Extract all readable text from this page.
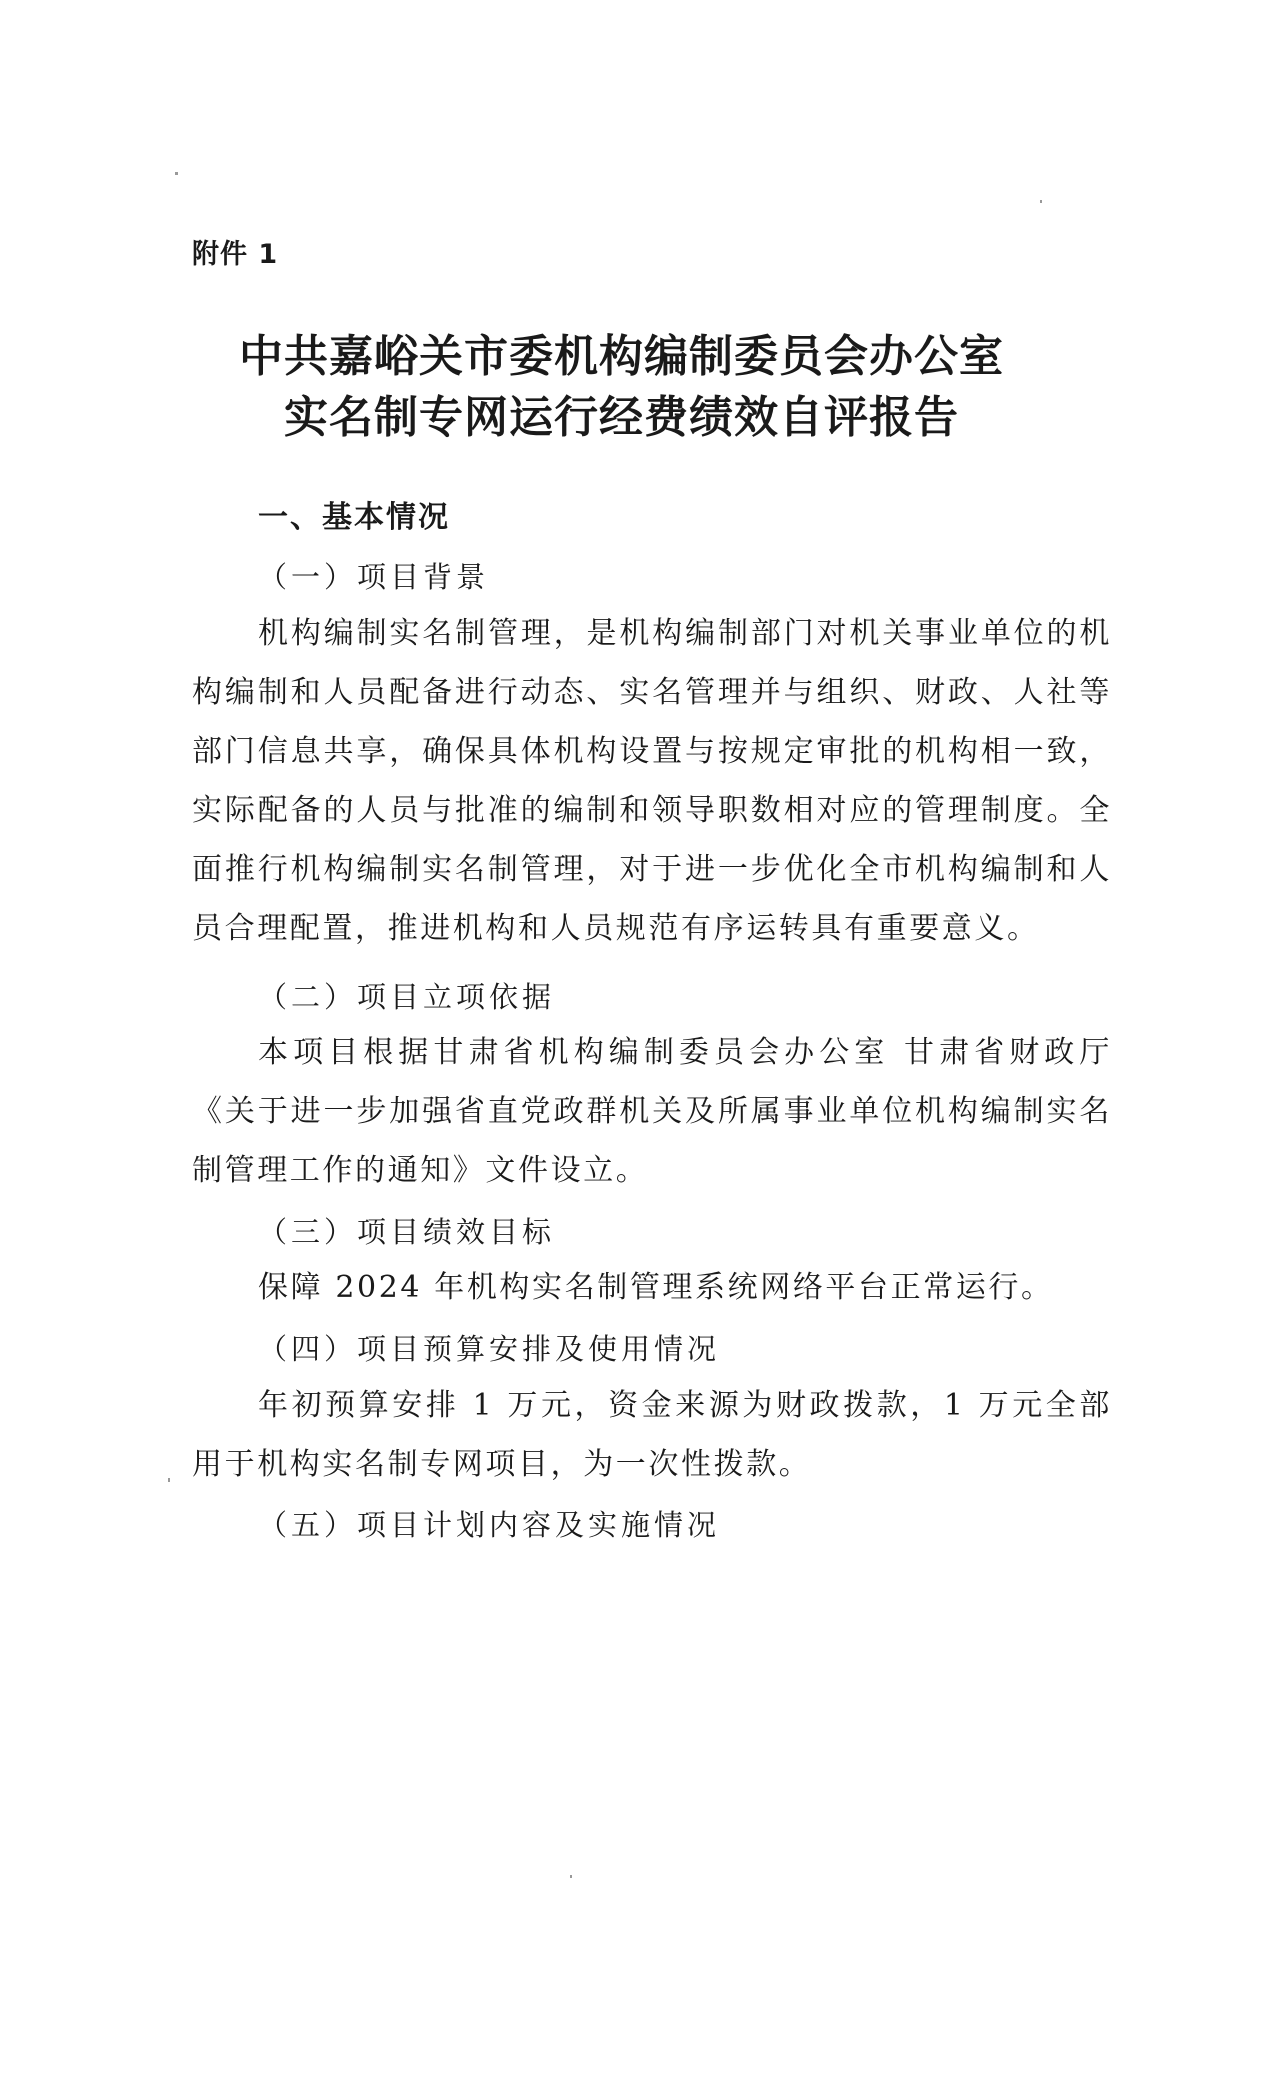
附件 1
中共嘉峪关市委机构编制委员会办公室
实名制专网运行经费绩效自评报告
一、基本情况
（一）项目背景

机构编制实名制管理，是机构编制部门对机关事业单位的机构编制和人员配备进行动态、实名管理并与组织、财政、人社等部门信息共享，确保具体机构设置与按规定审批的机构相一致，实际配备的人员与批准的编制和领导职数相对应的管理制度。全面推行机构编制实名制管理，对于进一步优化全市机构编制和人员合理配置，推进机构和人员规范有序运转具有重要意义。

（二）项目立项依据

本项目根据甘肃省机构编制委员会办公室 甘肃省财政厅《关于进一步加强省直党政群机关及所属事业单位机构编制实名制管理工作的通知》文件设立。

（三）项目绩效目标

保障 2024 年机构实名制管理系统网络平台正常运行。

（四）项目预算安排及使用情况

年初预算安排 1 万元，资金来源为财政拨款，1 万元全部用于机构实名制专网项目，为一次性拨款。

（五）项目计划内容及实施情况
